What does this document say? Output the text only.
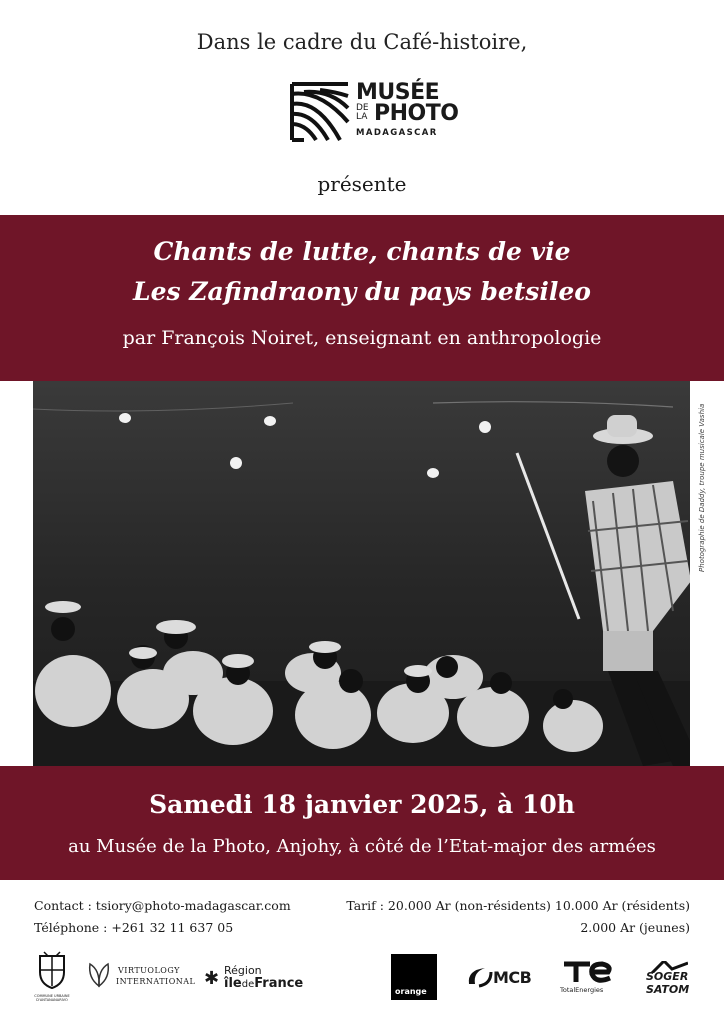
Dans le cadre du Café-histoire,
MUSÉE
DE
LA PHOTO
MADAGASCAR
présente
Chants de lutte, chants de vie
Les Zafindraony du pays betsileo
par François Noiret, enseignant en anthropologie
Photographie de Daddy, troupe musicale Vashia
Samedi 18 janvier 2025, à 10h
au Musée de la Photo, Anjohy, à côté de l’Etat-major des armées
Contact : tsiory@photo-madagascar.com
Téléphone : +261 32 11 637 05
Tarif : 20.000 Ar (non-résidents) 10.000 Ar (résidents)
2.000 Ar (jeunes)
COMMUNE URBAINE D'ANTANANARIVO
VIRTUOLOGY
INTERNATIONAL ✱ Région
îledeFrance
orange
MCB
TotalEnergies
SOGER
SATOM
